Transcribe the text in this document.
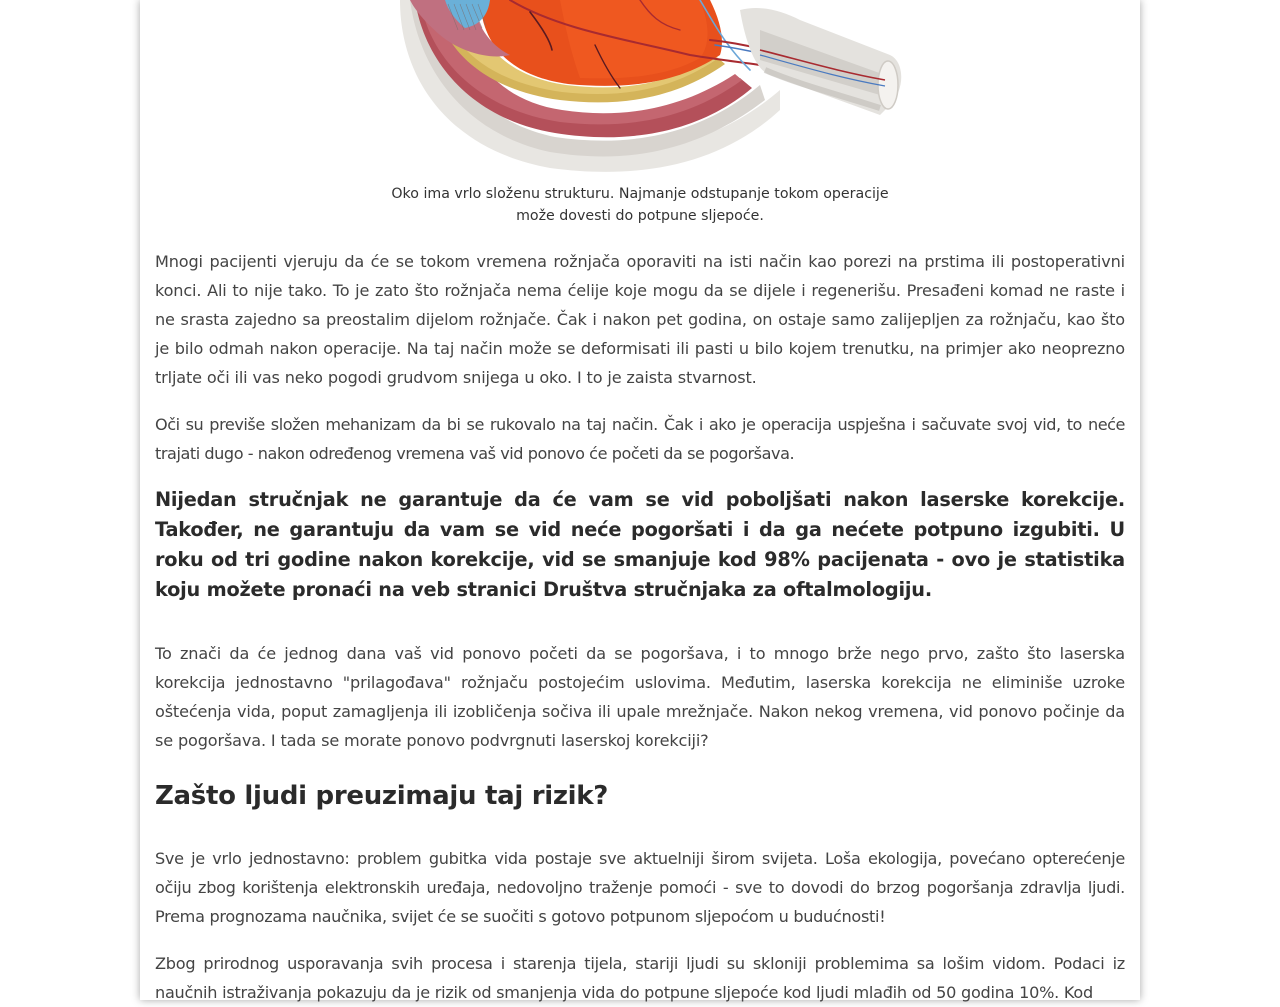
Oko ima vrlo složenu strukturu. Najmanje odstupanje tokom operacije
može dovesti do potpune sljepoće.

Mnogi pacijenti vjeruju da će se tokom vremena rožnjača oporaviti na isti način kao porezi na prstima ili postoperativni konci. Ali to nije tako. To je zato što rožnjača nema ćelije koje mogu da se dijele i regenerišu. Presađeni komad ne raste i ne srasta zajedno sa preostalim dijelom rožnjače. Čak i nakon pet godina, on ostaje samo zalijepljen za rožnjaču, kao što je bilo odmah nakon operacije. Na taj način može se deformisati ili pasti u bilo kojem trenutku, na primjer ako neoprezno trljate oči ili vas neko pogodi grudvom snijega u oko. I to je zaista stvarnost.

Oči su previše složen mehanizam da bi se rukovalo na taj način. Čak i ako je operacija uspješna i sačuvate svoj vid, to neće trajati dugo - nakon određenog vremena vaš vid ponovo će početi da se pogoršava.

Nijedan stručnjak ne garantuje da će vam se vid poboljšati nakon laserske korekcije. Također, ne garantuju da vam se vid neće pogoršati i da ga nećete potpuno izgubiti. U roku od tri godine nakon korekcije, vid se smanjuje kod 98% pacijenata - ovo je statistika koju možete pronaći na veb stranici Društva stručnjaka za oftalmologiju.

To znači da će jednog dana vaš vid ponovo početi da se pogoršava, i to mnogo brže nego prvo, zašto što laserska korekcija jednostavno "prilagođava" rožnjaču postojećim uslovima. Međutim, laserska korekcija ne eliminiše uzroke oštećenja vida, poput zamagljenja ili izobličenja sočiva ili upale mrežnjače. Nakon nekog vremena, vid ponovo počinje da se pogoršava. I tada se morate ponovo podvrgnuti laserskoj korekciji?

Zašto ljudi preuzimaju taj rizik?

Sve je vrlo jednostavno: problem gubitka vida postaje sve aktuelniji širom svijeta. Loša ekologija, povećano opterećenje očiju zbog korištenja elektronskih uređaja, nedovoljno traženje pomoći - sve to dovodi do brzog pogoršanja zdravlja ljudi. Prema prognozama naučnika, svijet će se suočiti s gotovo potpunom sljepoćom u budućnosti!

Zbog prirodnog usporavanja svih procesa i starenja tijela, stariji ljudi su skloniji problemima sa lošim vidom. Podaci iz naučnih istraživanja pokazuju da je rizik od smanjenja vida do potpune sljepoće kod ljudi mlađih od 50 godina 10%. Kod
